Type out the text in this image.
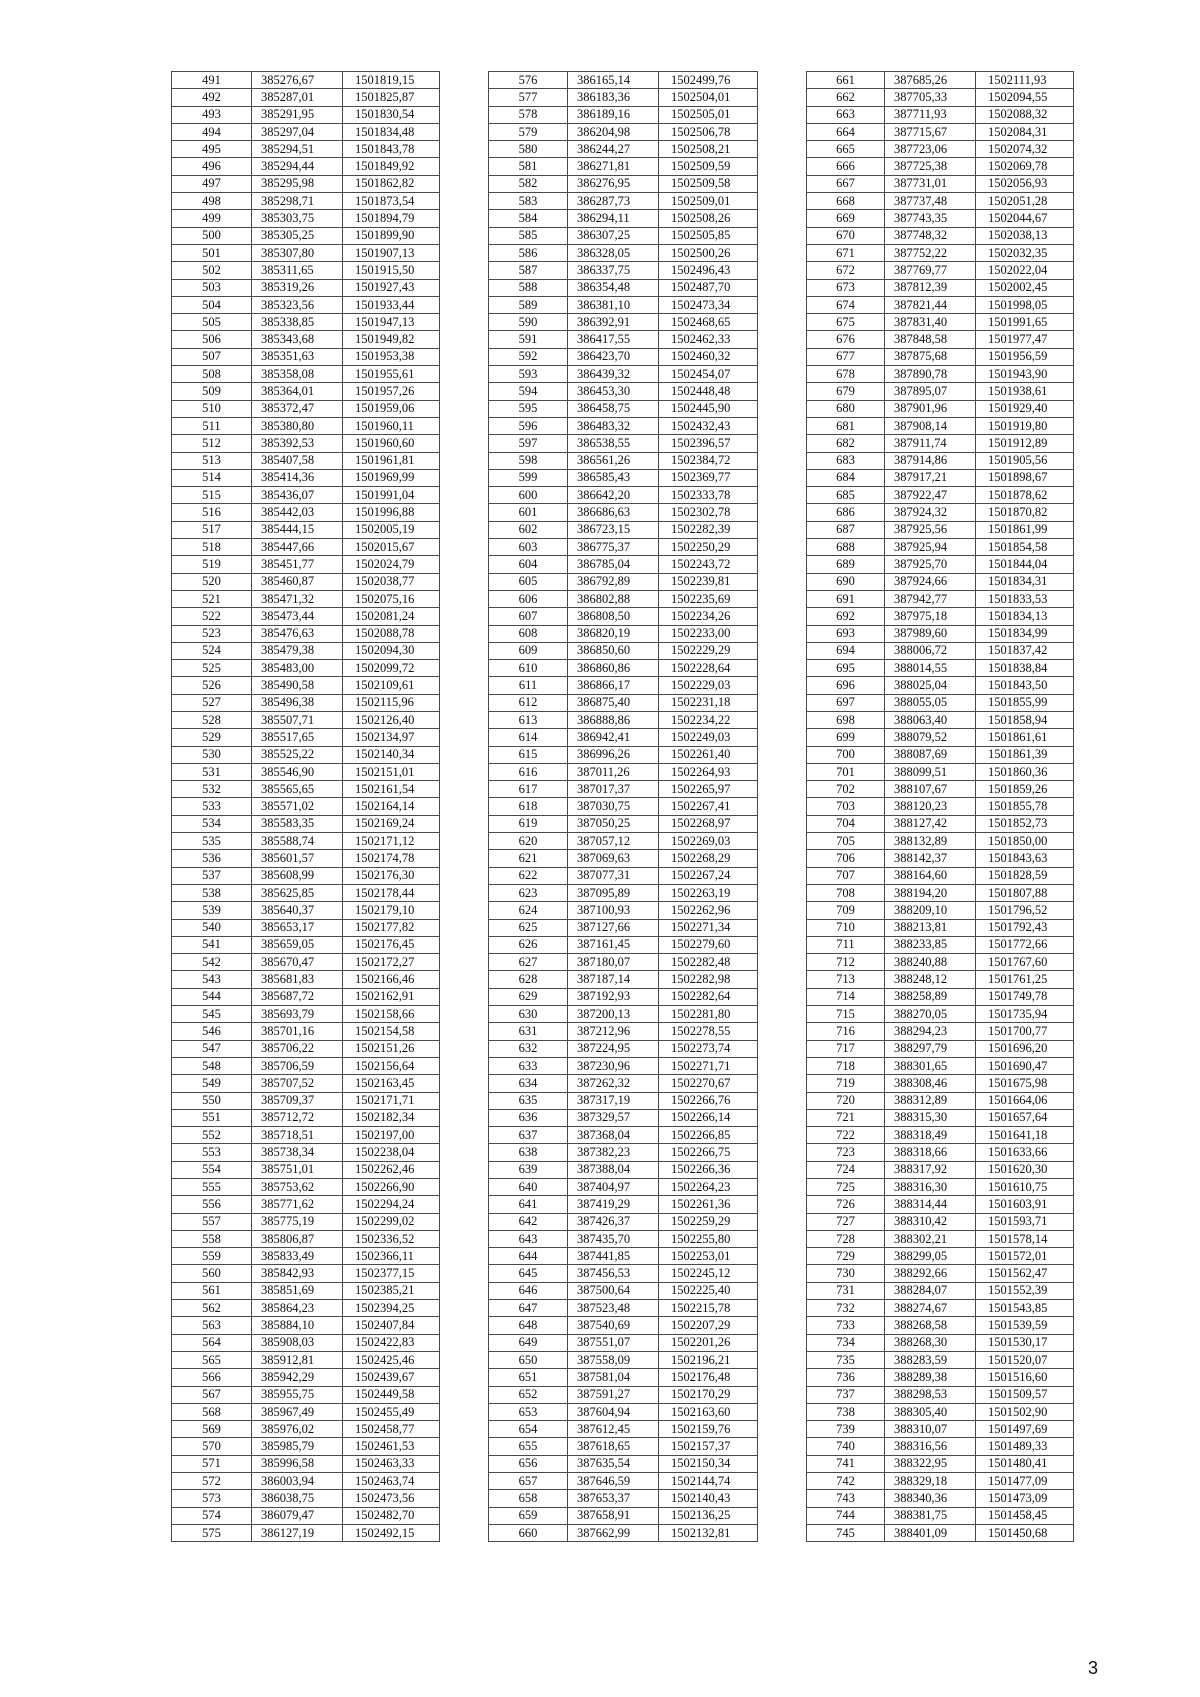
491	385276,67	1501819,15
492	385287,01	1501825,87
493	385291,95	1501830,54
494	385297,04	1501834,48
495	385294,51	1501843,78
496	385294,44	1501849,92
497	385295,98	1501862,82
498	385298,71	1501873,54
499	385303,75	1501894,79
500	385305,25	1501899,90
501	385307,80	1501907,13
502	385311,65	1501915,50
503	385319,26	1501927,43
504	385323,56	1501933,44
505	385338,85	1501947,13
506	385343,68	1501949,82
507	385351,63	1501953,38
508	385358,08	1501955,61
509	385364,01	1501957,26
510	385372,47	1501959,06
511	385380,80	1501960,11
512	385392,53	1501960,60
513	385407,58	1501961,81
514	385414,36	1501969,99
515	385436,07	1501991,04
516	385442,03	1501996,88
517	385444,15	1502005,19
518	385447,66	1502015,67
519	385451,77	1502024,79
520	385460,87	1502038,77
521	385471,32	1502075,16
522	385473,44	1502081,24
523	385476,63	1502088,78
524	385479,38	1502094,30
525	385483,00	1502099,72
526	385490,58	1502109,61
527	385496,38	1502115,96
528	385507,71	1502126,40
529	385517,65	1502134,97
530	385525,22	1502140,34
531	385546,90	1502151,01
532	385565,65	1502161,54
533	385571,02	1502164,14
534	385583,35	1502169,24
535	385588,74	1502171,12
536	385601,57	1502174,78
537	385608,99	1502176,30
538	385625,85	1502178,44
539	385640,37	1502179,10
540	385653,17	1502177,82
541	385659,05	1502176,45
542	385670,47	1502172,27
543	385681,83	1502166,46
544	385687,72	1502162,91
545	385693,79	1502158,66
546	385701,16	1502154,58
547	385706,22	1502151,26
548	385706,59	1502156,64
549	385707,52	1502163,45
550	385709,37	1502171,71
551	385712,72	1502182,34
552	385718,51	1502197,00
553	385738,34	1502238,04
554	385751,01	1502262,46
555	385753,62	1502266,90
556	385771,62	1502294,24
557	385775,19	1502299,02
558	385806,87	1502336,52
559	385833,49	1502366,11
560	385842,93	1502377,15
561	385851,69	1502385,21
562	385864,23	1502394,25
563	385884,10	1502407,84
564	385908,03	1502422,83
565	385912,81	1502425,46
566	385942,29	1502439,67
567	385955,75	1502449,58
568	385967,49	1502455,49
569	385976,02	1502458,77
570	385985,79	1502461,53
571	385996,58	1502463,33
572	386003,94	1502463,74
573	386038,75	1502473,56
574	386079,47	1502482,70
575	386127,19	1502492,15
576	386165,14	1502499,76
577	386183,36	1502504,01
578	386189,16	1502505,01
579	386204,98	1502506,78
580	386244,27	1502508,21
581	386271,81	1502509,59
582	386276,95	1502509,58
583	386287,73	1502509,01
584	386294,11	1502508,26
585	386307,25	1502505,85
586	386328,05	1502500,26
587	386337,75	1502496,43
588	386354,48	1502487,70
589	386381,10	1502473,34
590	386392,91	1502468,65
591	386417,55	1502462,33
592	386423,70	1502460,32
593	386439,32	1502454,07
594	386453,30	1502448,48
595	386458,75	1502445,90
596	386483,32	1502432,43
597	386538,55	1502396,57
598	386561,26	1502384,72
599	386585,43	1502369,77
600	386642,20	1502333,78
601	386686,63	1502302,78
602	386723,15	1502282,39
603	386775,37	1502250,29
604	386785,04	1502243,72
605	386792,89	1502239,81
606	386802,88	1502235,69
607	386808,50	1502234,26
608	386820,19	1502233,00
609	386850,60	1502229,29
610	386860,86	1502228,64
611	386866,17	1502229,03
612	386875,40	1502231,18
613	386888,86	1502234,22
614	386942,41	1502249,03
615	386996,26	1502261,40
616	387011,26	1502264,93
617	387017,37	1502265,97
618	387030,75	1502267,41
619	387050,25	1502268,97
620	387057,12	1502269,03
621	387069,63	1502268,29
622	387077,31	1502267,24
623	387095,89	1502263,19
624	387100,93	1502262,96
625	387127,66	1502271,34
626	387161,45	1502279,60
627	387180,07	1502282,48
628	387187,14	1502282,98
629	387192,93	1502282,64
630	387200,13	1502281,80
631	387212,96	1502278,55
632	387224,95	1502273,74
633	387230,96	1502271,71
634	387262,32	1502270,67
635	387317,19	1502266,76
636	387329,57	1502266,14
637	387368,04	1502266,85
638	387382,23	1502266,75
639	387388,04	1502266,36
640	387404,97	1502264,23
641	387419,29	1502261,36
642	387426,37	1502259,29
643	387435,70	1502255,80
644	387441,85	1502253,01
645	387456,53	1502245,12
646	387500,64	1502225,40
647	387523,48	1502215,78
648	387540,69	1502207,29
649	387551,07	1502201,26
650	387558,09	1502196,21
651	387581,04	1502176,48
652	387591,27	1502170,29
653	387604,94	1502163,60
654	387612,45	1502159,76
655	387618,65	1502157,37
656	387635,54	1502150,34
657	387646,59	1502144,74
658	387653,37	1502140,43
659	387658,91	1502136,25
660	387662,99	1502132,81
661	387685,26	1502111,93
662	387705,33	1502094,55
663	387711,93	1502088,32
664	387715,67	1502084,31
665	387723,06	1502074,32
666	387725,38	1502069,78
667	387731,01	1502056,93
668	387737,48	1502051,28
669	387743,35	1502044,67
670	387748,32	1502038,13
671	387752,22	1502032,35
672	387769,77	1502022,04
673	387812,39	1502002,45
674	387821,44	1501998,05
675	387831,40	1501991,65
676	387848,58	1501977,47
677	387875,68	1501956,59
678	387890,78	1501943,90
679	387895,07	1501938,61
680	387901,96	1501929,40
681	387908,14	1501919,80
682	387911,74	1501912,89
683	387914,86	1501905,56
684	387917,21	1501898,67
685	387922,47	1501878,62
686	387924,32	1501870,82
687	387925,56	1501861,99
688	387925,94	1501854,58
689	387925,70	1501844,04
690	387924,66	1501834,31
691	387942,77	1501833,53
692	387975,18	1501834,13
693	387989,60	1501834,99
694	388006,72	1501837,42
695	388014,55	1501838,84
696	388025,04	1501843,50
697	388055,05	1501855,99
698	388063,40	1501858,94
699	388079,52	1501861,61
700	388087,69	1501861,39
701	388099,51	1501860,36
702	388107,67	1501859,26
703	388120,23	1501855,78
704	388127,42	1501852,73
705	388132,89	1501850,00
706	388142,37	1501843,63
707	388164,60	1501828,59
708	388194,20	1501807,88
709	388209,10	1501796,52
710	388213,81	1501792,43
711	388233,85	1501772,66
712	388240,88	1501767,60
713	388248,12	1501761,25
714	388258,89	1501749,78
715	388270,05	1501735,94
716	388294,23	1501700,77
717	388297,79	1501696,20
718	388301,65	1501690,47
719	388308,46	1501675,98
720	388312,89	1501664,06
721	388315,30	1501657,64
722	388318,49	1501641,18
723	388318,66	1501633,66
724	388317,92	1501620,30
725	388316,30	1501610,75
726	388314,44	1501603,91
727	388310,42	1501593,71
728	388302,21	1501578,14
729	388299,05	1501572,01
730	388292,66	1501562,47
731	388284,07	1501552,39
732	388274,67	1501543,85
733	388268,58	1501539,59
734	388268,30	1501530,17
735	388283,59	1501520,07
736	388289,38	1501516,60
737	388298,53	1501509,57
738	388305,40	1501502,90
739	388310,07	1501497,69
740	388316,56	1501489,33
741	388322,95	1501480,41
742	388329,18	1501477,09
743	388340,36	1501473,09
744	388381,75	1501458,45
745	388401,09	1501450,68
3
